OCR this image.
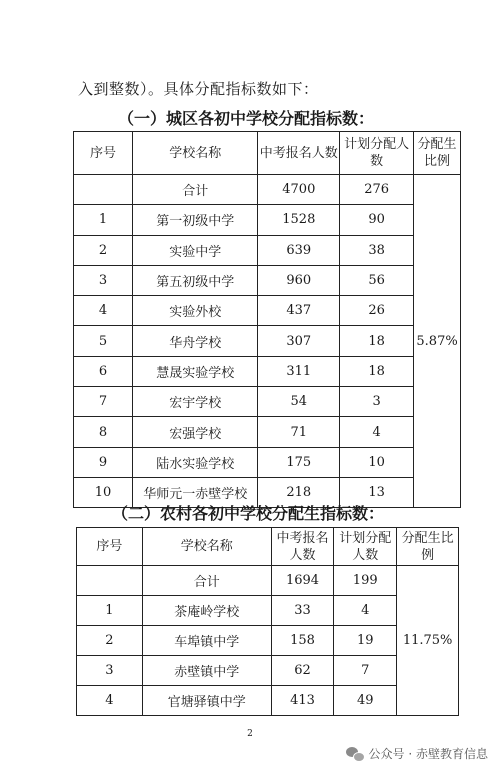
入到整数）。具体分配指标数如下：
（一）城区各初中学校分配指标数：
序号	学校名称	中考报名人数	计划分配人数	分配生比例
	合计	4700	276	5.87%
1	第一初级中学	1528	90	
2	实验中学	639	38	
3	第五初级中学	960	56	
4	实验外校	437	26	
5	华舟学校	307	18	
6	慧晟实验学校	311	18	
7	宏宇学校	54	3	
8	宏强学校	71	4	
9	陆水实验学校	175	10	
10	华师元一赤壁学校	218	13	
（二）农村各初中学校分配生指标数：
序号	学校名称	中考报名人数	计划分配人数	分配生比例
	合计	1694	199	11.75%
1	茶庵岭学校	33	4	
2	车埠镇中学	158	19	
3	赤壁镇中学	62	7	
4	官塘驿镇中学	413	49	
2
公众号 · 赤壁教育信息
